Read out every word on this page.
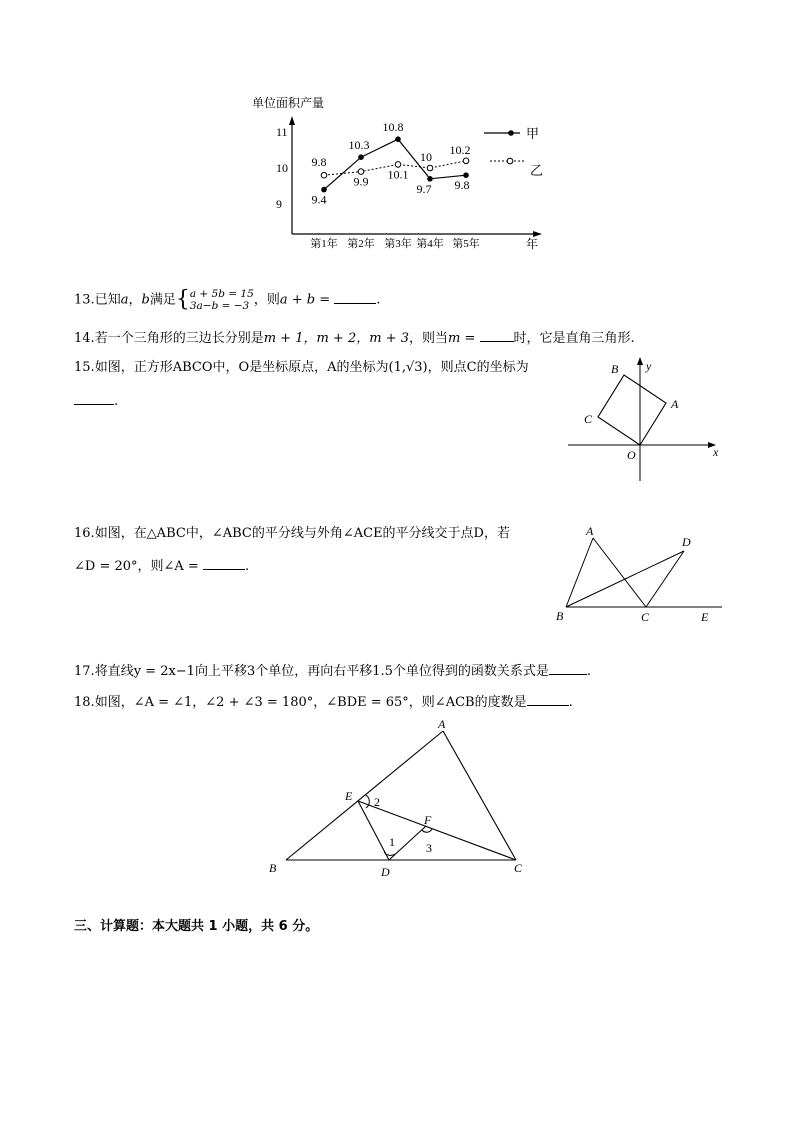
单位面积产量
年
11
10
9
第1年 第2年 第3年 第4年 第5年
9.4
10.3
10.8
9.7 9.8
9.8
9.9
10.1
10
10.2
甲
乙
13.已知a，b满足{a + 5b = 15
3a−b = −3 ，则a + b =	.
14.若一个三角形的三边长分别是m + 1，m + 2，m + 3，则当m =	时，它是直角三角形.
15.如图，正方形ABCO中，O是坐标原点，A的坐标为(1,√3)，则点C的坐标为
.
B
A
C
O	x
y
16.如图，在△ABC中，∠ABC的平分线与外角∠ACE的平分线交于点D，若
∠D = 20°，则∠A =	.
A
D
B	C	E
17.将直线y = 2x−1向上平移3个单位，再向右平移1.5个单位得到的函数关系式是	.
18.如图，∠A = ∠1，∠2 + ∠3 = 180°，∠BDE = 65°，则∠ACB的度数是	.
A
E 2
F
1	3
B	D	C
三、计算题：本大题共 1 小题，共 6 分。
